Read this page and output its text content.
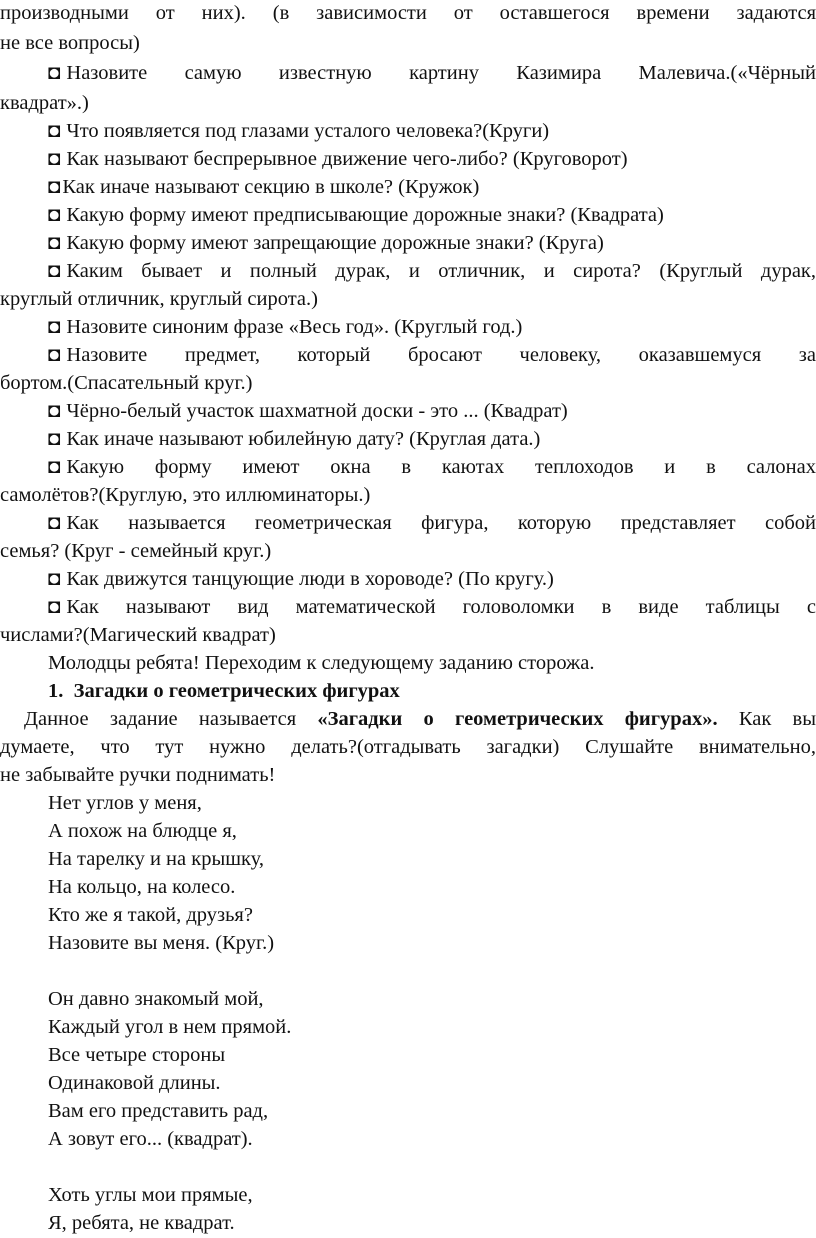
производными от них). (в зависимости от оставшегося времени задаются
не все вопросы)
◘ Назовите самую известную картину Казимира Малевича.(«Чёрный
квадрат».)
◘ Что появляется под глазами усталого человека?(Круги)
◘ Как называют беспрерывное движение чего-либо? (Круговорот)
◘Как иначе называют секцию в школе? (Кружок)
◘ Какую форму имеют предписывающие дорожные знаки? (Квадрата)
◘ Какую форму имеют запрещающие дорожные знаки? (Круга)
◘ Каким бывает и полный дурак, и отличник, и сирота? (Круглый дурак,
круглый отличник, круглый сирота.)
◘ Назовите синоним фразе «Весь год». (Круглый год.)
◘ Назовите предмет, который бросают человеку, оказавшемуся за
бортом.(Спасательный круг.)
◘ Чёрно-белый участок шахматной доски - это ... (Квадрат)
◘ Как иначе называют юбилейную дату? (Круглая дата.)
◘ Какую форму имеют окна в каютах теплоходов и в салонах
самолётов?(Круглую, это иллюминаторы.)
◘ Как называется геометрическая фигура, которую представляет собой
семья? (Круг - семейный круг.)
◘ Как движутся танцующие люди в хороводе? (По кругу.)
◘ Как называют вид математической головоломки в виде таблицы с
числами?(Магический квадрат)
Молодцы ребята! Переходим к следующему заданию сторожа.
1. Загадки о геометрических фигурах
Данное задание называется «Загадки о геометрических фигурах». Как вы
думаете, что тут нужно делать?(отгадывать загадки) Слушайте внимательно,
не забывайте ручки поднимать!
Нет углов у меня,
А похож на блюдце я,
На тарелку и на крышку,
На кольцо, на колесо.
Кто же я такой, друзья?
Назовите вы меня. (Круг.)
Он давно знакомый мой,
Каждый угол в нем прямой.
Все четыре стороны
Одинаковой длины.
Вам его представить рад,
А зовут его... (квадрат).
Хоть углы мои прямые,
Я, ребята, не квадрат.
